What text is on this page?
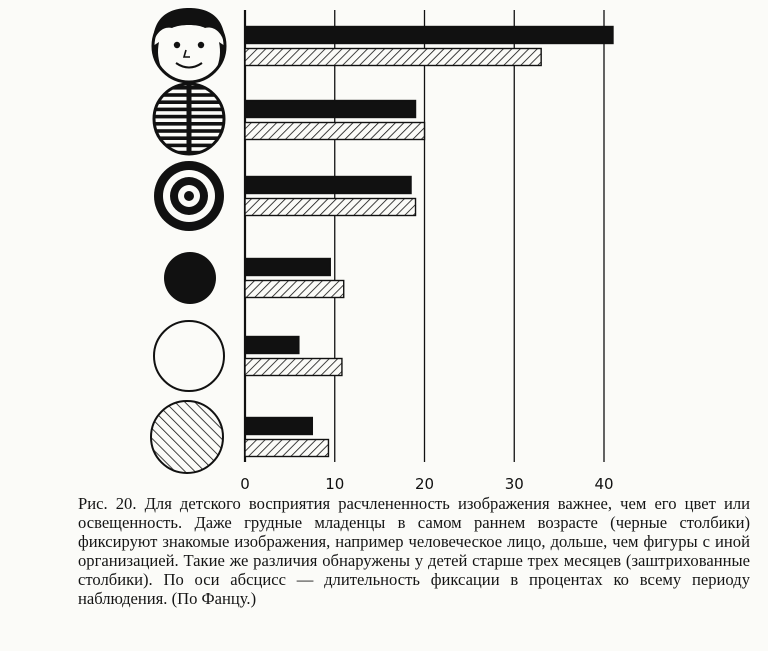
0	10	20	30	40

Рис. 20. Для детского восприятия расчлененность изображения важнее, чем его цвет или освещенность. Даже грудные младенцы в самом раннем возрасте (черные столбики) фиксируют знакомые изображения, например человеческое лицо, дольше, чем фигуры с иной организацией. Такие же различия обнаружены у детей старше трех месяцев (заштрихованные столбики). По оси абсцисс — длительность фиксации в процентах ко всему периоду наблюдения. (По Фанцу.)
